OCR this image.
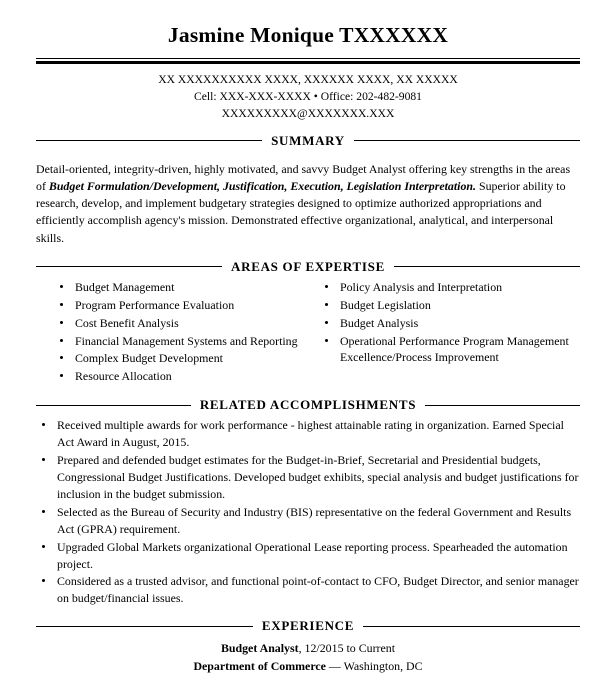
Jasmine Monique TXXXXXX
XX XXXXXXXXXX XXXX, XXXXXX XXXX, XX XXXXX
Cell: XXX-XXX-XXXX • Office: 202-482-9081
XXXXXXXXX@XXXXXXX.XXX
SUMMARY

Detail-oriented, integrity-driven, highly motivated, and savvy Budget Analyst offering key strengths in the areas of Budget Formulation/Development, Justification, Execution, Legislation Interpretation. Superior ability to research, develop, and implement budgetary strategies designed to optimize authorized appropriations and efficiently accomplish agency's mission. Demonstrated effective organizational, analytical, and interpersonal skills.

AREAS OF EXPERTISE
Budget Management
Program Performance Evaluation
Cost Benefit Analysis
Financial Management Systems and Reporting
Complex Budget Development
Resource Allocation
Policy Analysis and Interpretation
Budget Legislation
Budget Analysis
Operational Performance Program Management Excellence/Process Improvement
RELATED ACCOMPLISHMENTS
Received multiple awards for work performance - highest attainable rating in organization. Earned Special Act Award in August, 2015.
Prepared and defended budget estimates for the Budget-in-Brief, Secretarial and Presidential budgets, Congressional Budget Justifications. Developed budget exhibits, special analysis and budget justifications for inclusion in the budget submission.
Selected as the Bureau of Security and Industry (BIS) representative on the federal Government and Results Act (GPRA) requirement.
Upgraded Global Markets organizational Operational Lease reporting process. Spearheaded the automation project.
Considered as a trusted advisor, and functional point-of-contact to CFO, Budget Director, and senior manager on budget/financial issues.
EXPERIENCE
Budget Analyst, 12/2015 to Current
Department of Commerce — Washington, DC
